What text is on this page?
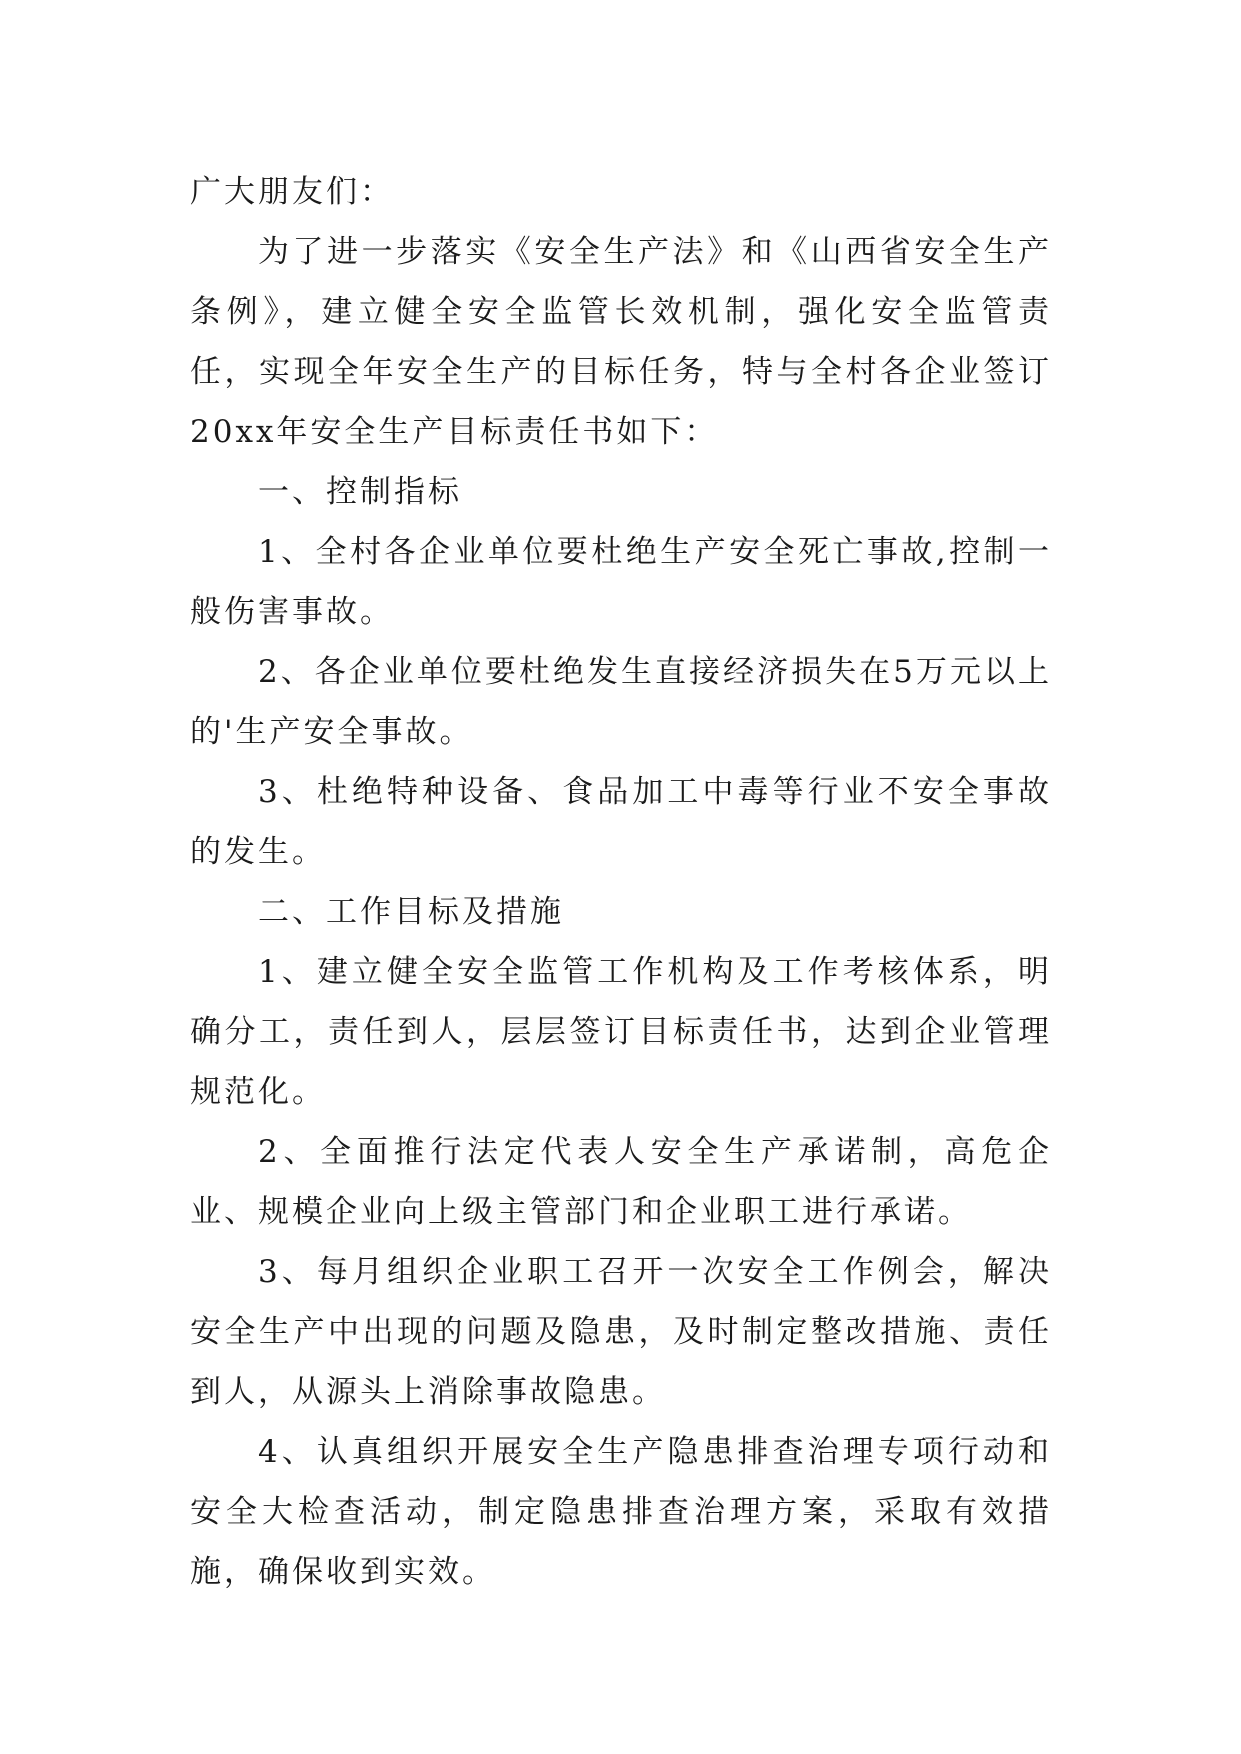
广大朋友们：

为了进一步落实《安全生产法》和《山西省安全生产条例》，建立健全安全监管长效机制，强化安全监管责任，实现全年安全生产的目标任务，特与全村各企业签订20xx年安全生产目标责任书如下：

一、控制指标

1、全村各企业单位要杜绝生产安全死亡事故,控制一般伤害事故。

2、各企业单位要杜绝发生直接经济损失在5万元以上的'生产安全事故。

3、杜绝特种设备、食品加工中毒等行业不安全事故的发生。

二、工作目标及措施

1、建立健全安全监管工作机构及工作考核体系，明确分工，责任到人，层层签订目标责任书，达到企业管理规范化。

2、全面推行法定代表人安全生产承诺制，高危企业、规模企业向上级主管部门和企业职工进行承诺。

3、每月组织企业职工召开一次安全工作例会，解决安全生产中出现的问题及隐患，及时制定整改措施、责任到人，从源头上消除事故隐患。

4、认真组织开展安全生产隐患排查治理专项行动和安全大检查活动，制定隐患排查治理方案，采取有效措施，确保收到实效。
